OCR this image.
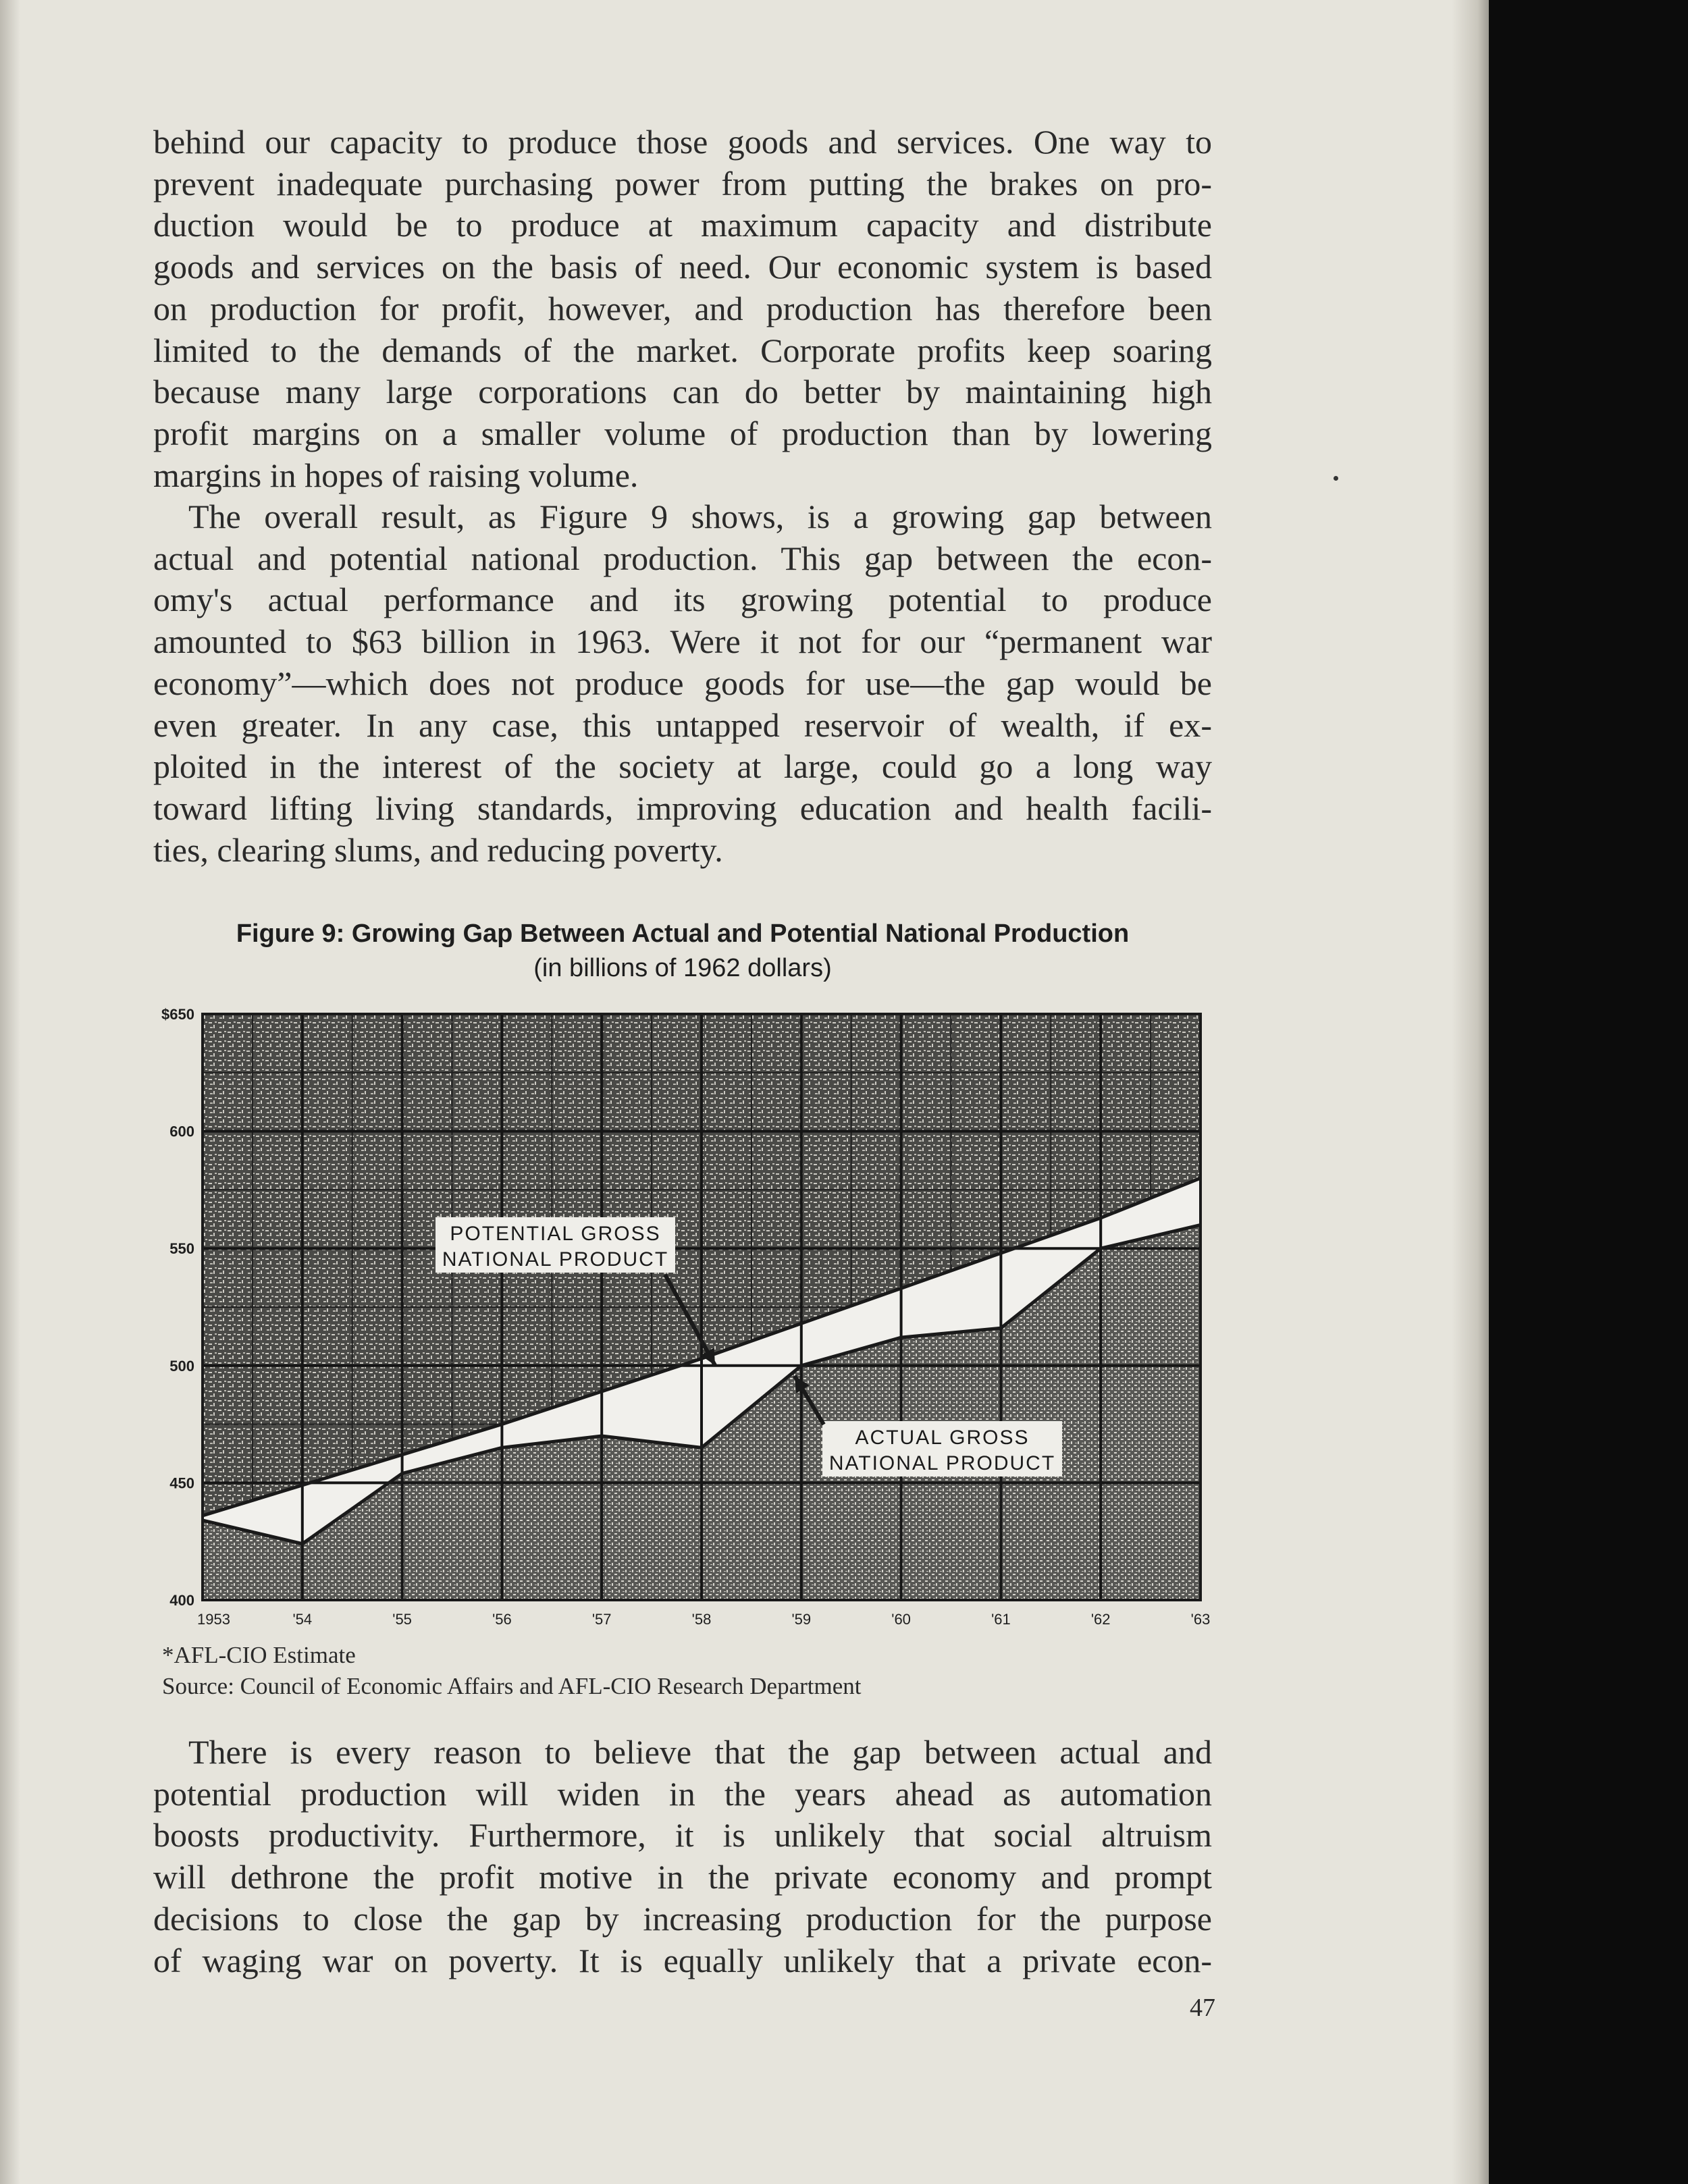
behind our capacity to produce those goods and services. One way to
prevent inadequate purchasing power from putting the brakes on pro-
duction would be to produce at maximum capacity and distribute
goods and services on the basis of need. Our economic system is based
on production for profit, however, and production has therefore been
limited to the demands of the market. Corporate profits keep soaring
because many large corporations can do better by maintaining high
profit margins on a smaller volume of production than by lowering
margins in hopes of raising volume.

The overall result, as Figure 9 shows, is a growing gap between
actual and potential national production. This gap between the econ-
omy's actual performance and its growing potential to produce
amounted to $63 billion in 1963. Were it not for our “permanent war
economy”—which does not produce goods for use—the gap would be
even greater. In any case, this untapped reservoir of wealth, if ex-
ploited in the interest of the society at large, could go a long way
toward lifting living standards, improving education and health facili-
ties, clearing slums, and reducing poverty.

Figure 9: Growing Gap Between Actual and Potential National Production
(in billions of 1962 dollars)
400
450
500
550
600
$650
1953	'54	'55	'56	'57	'58	'59	'60	'61	'62	'63
POTENTIAL GROSS
NATIONAL PRODUCT
ACTUAL GROSS
NATIONAL PRODUCT
*AFL-CIO Estimate
Source: Council of Economic Affairs and AFL-CIO Research Department

There is every reason to believe that the gap between actual and
potential production will widen in the years ahead as automation
boosts productivity. Furthermore, it is unlikely that social altruism
will dethrone the profit motive in the private economy and prompt
decisions to close the gap by increasing production for the purpose
of waging war on poverty. It is equally unlikely that a private econ-

47
